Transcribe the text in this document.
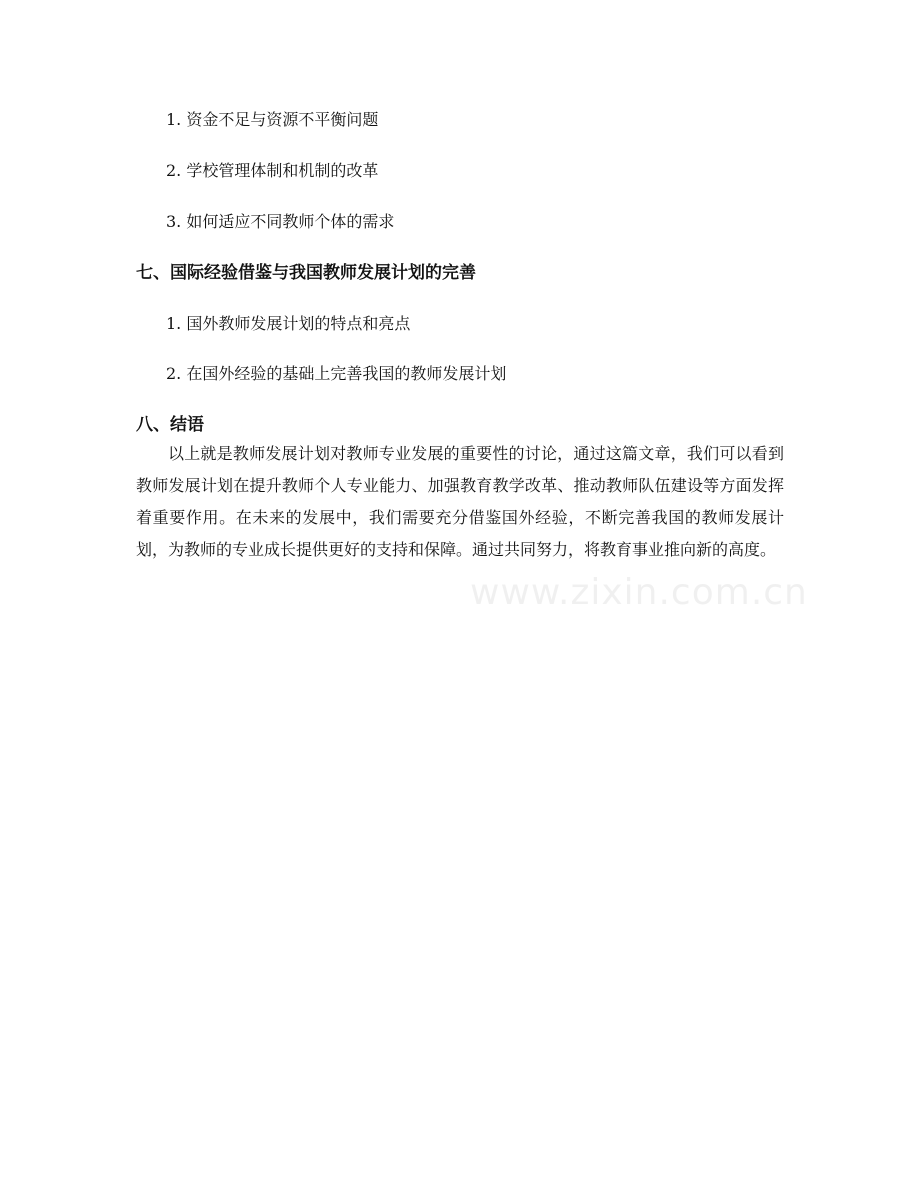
1. 资金不足与资源不平衡问题
2. 学校管理体制和机制的改革
3. 如何适应不同教师个体的需求
七、国际经验借鉴与我国教师发展计划的完善
1. 国外教师发展计划的特点和亮点
2. 在国外经验的基础上完善我国的教师发展计划
八、结语

以上就是教师发展计划对教师专业发展的重要性的讨论，通过这篇文章，我们可以看到教师发展计划在提升教师个人专业能力、加强教育教学改革、推动教师队伍建设等方面发挥着重要作用。在未来的发展中，我们需要充分借鉴国外经验，不断完善我国的教师发展计划，为教师的专业成长提供更好的支持和保障。通过共同努力，将教育事业推向新的高度。

www.zixin.com.cn
